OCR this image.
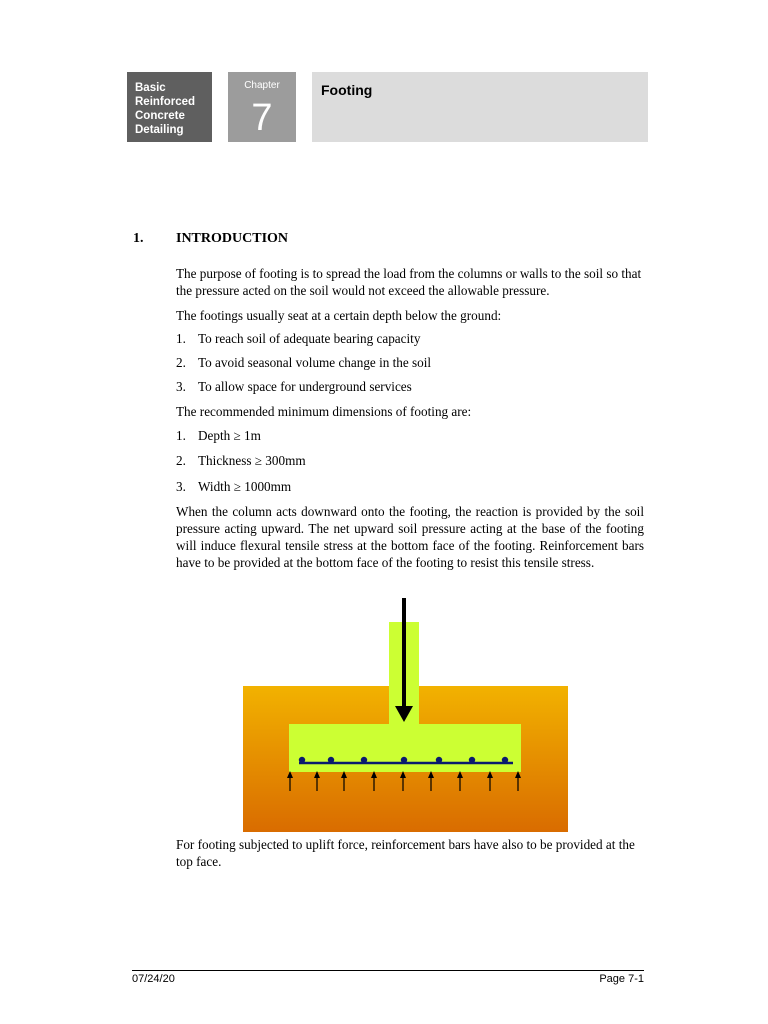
Basic
Reinforced
Concrete
Detailing
Chapter
7
Footing
1. INTRODUCTION
The purpose of footing is to spread the load from the columns or walls to the soil so that the pressure acted on the soil would not exceed the allowable pressure.
The footings usually seat at a certain depth below the ground:
1. To reach soil of adequate bearing capacity
2. To avoid seasonal volume change in the soil
3. To allow space for underground services
The recommended minimum dimensions of footing are:
1. Depth ≥ 1m
2. Thickness ≥ 300mm
3. Width ≥ 1000mm
When the column acts downward onto the footing, the reaction is provided by the soil pressure acting upward. The net upward soil pressure acting at the base of the footing will induce flexural tensile stress at the bottom face of the footing. Reinforcement bars have to be provided at the bottom face of the footing to resist this tensile stress.
For footing subjected to uplift force, reinforcement bars have also to be provided at the top face.
07/24/20	Page 7-1
